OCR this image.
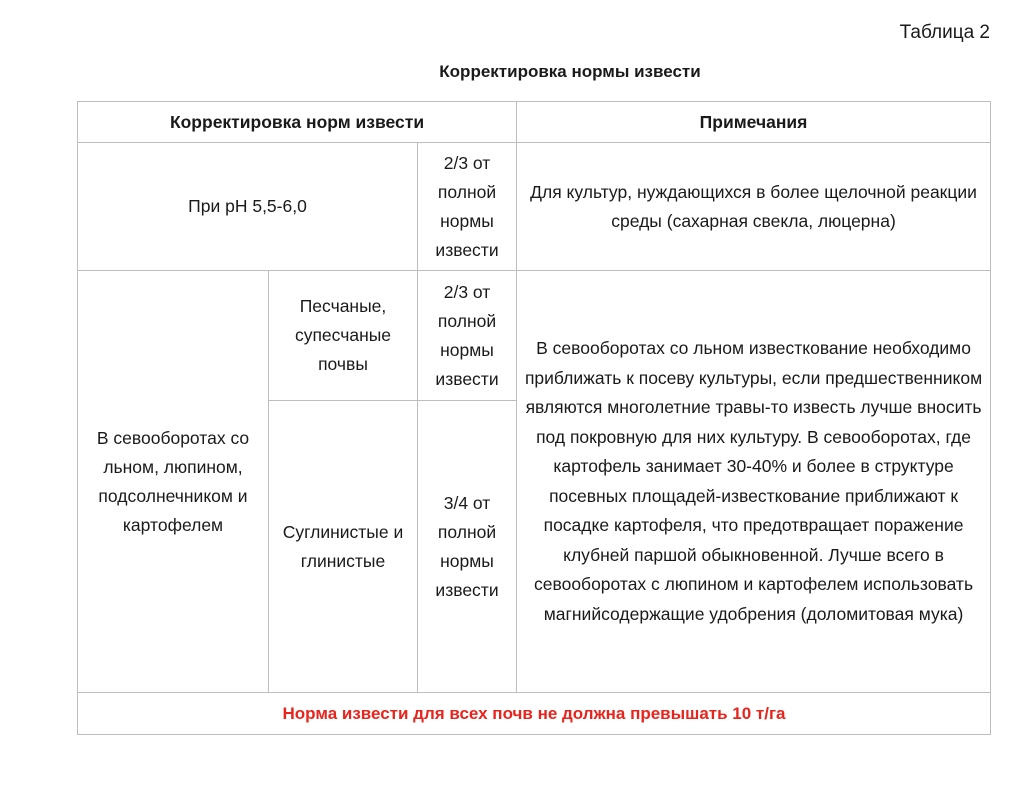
Таблица 2
Корректировка нормы извести
Корректировка норм извести			Примечания
При рН 5,5-6,0		2/3 от полной нормы извести	Для культур, нуждающихся в более щелочной реакции среды (сахарная свекла, люцерна)
В севооборотах со льном, люпином, подсолнечником и картофелем	Песчаные, супесчаные почвы	2/3 от полной нормы извести	В севооборотах со льном известкование необходимо приближать к посеву культуры, если предшественником являются многолетние травы-то известь лучше вносить под покровную для них культуру. В севооборотах, где картофель занимает 30-40% и более в структуре посевных площадей-известкование приближают к посадке картофеля, что предотвращает поражение клубней паршой обыкновенной. Лучше всего в севооборотах с люпином и картофелем использовать магнийсодержащие удобрения (доломитовая мука)
	Суглинистые и глинистые	3/4 от полной нормы извести	
Норма извести для всех почв не должна превышать 10 т/га			
